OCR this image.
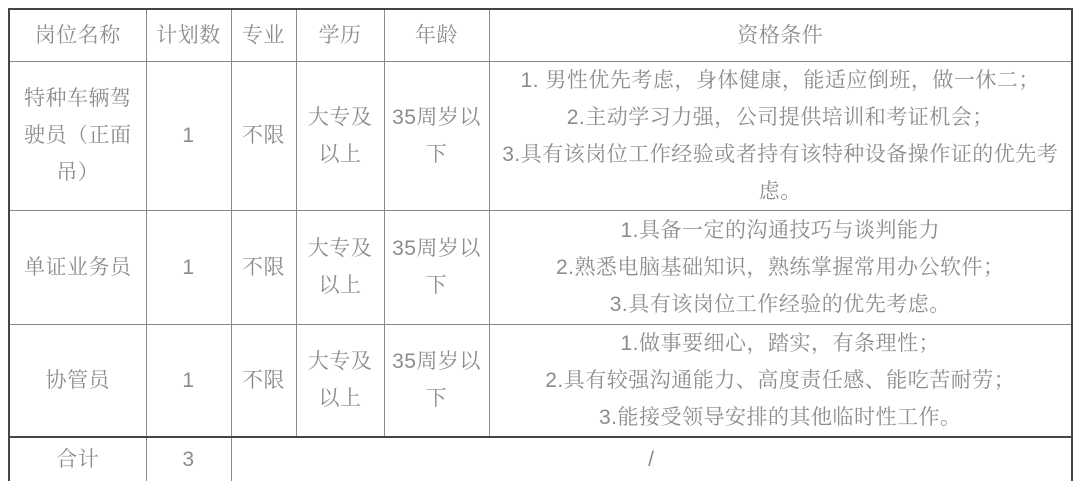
岗位名称	计划数	专业	学历	年龄	资格条件
特种车辆驾驶员（正面吊）	1	不限	大专及以上	35周岁以下	1. 男性优先考虑，身体健康，能适应倒班，做一休二；
2.主动学习力强，公司提供培训和考证机会；
3.具有该岗位工作经验或者持有该特种设备操作证的优先考虑。

单证业务员	1	不限	大专及以上	35周岁以下	1.具备一定的沟通技巧与谈判能力
2.熟悉电脑基础知识，熟练掌握常用办公软件；
3.具有该岗位工作经验的优先考虑。

协管员	1	不限	大专及以上	35周岁以下	1.做事要细心，踏实，有条理性；
2.具有较强沟通能力、高度责任感、能吃苦耐劳；
3.能接受领导安排的其他临时性工作。

合计	3	/			
